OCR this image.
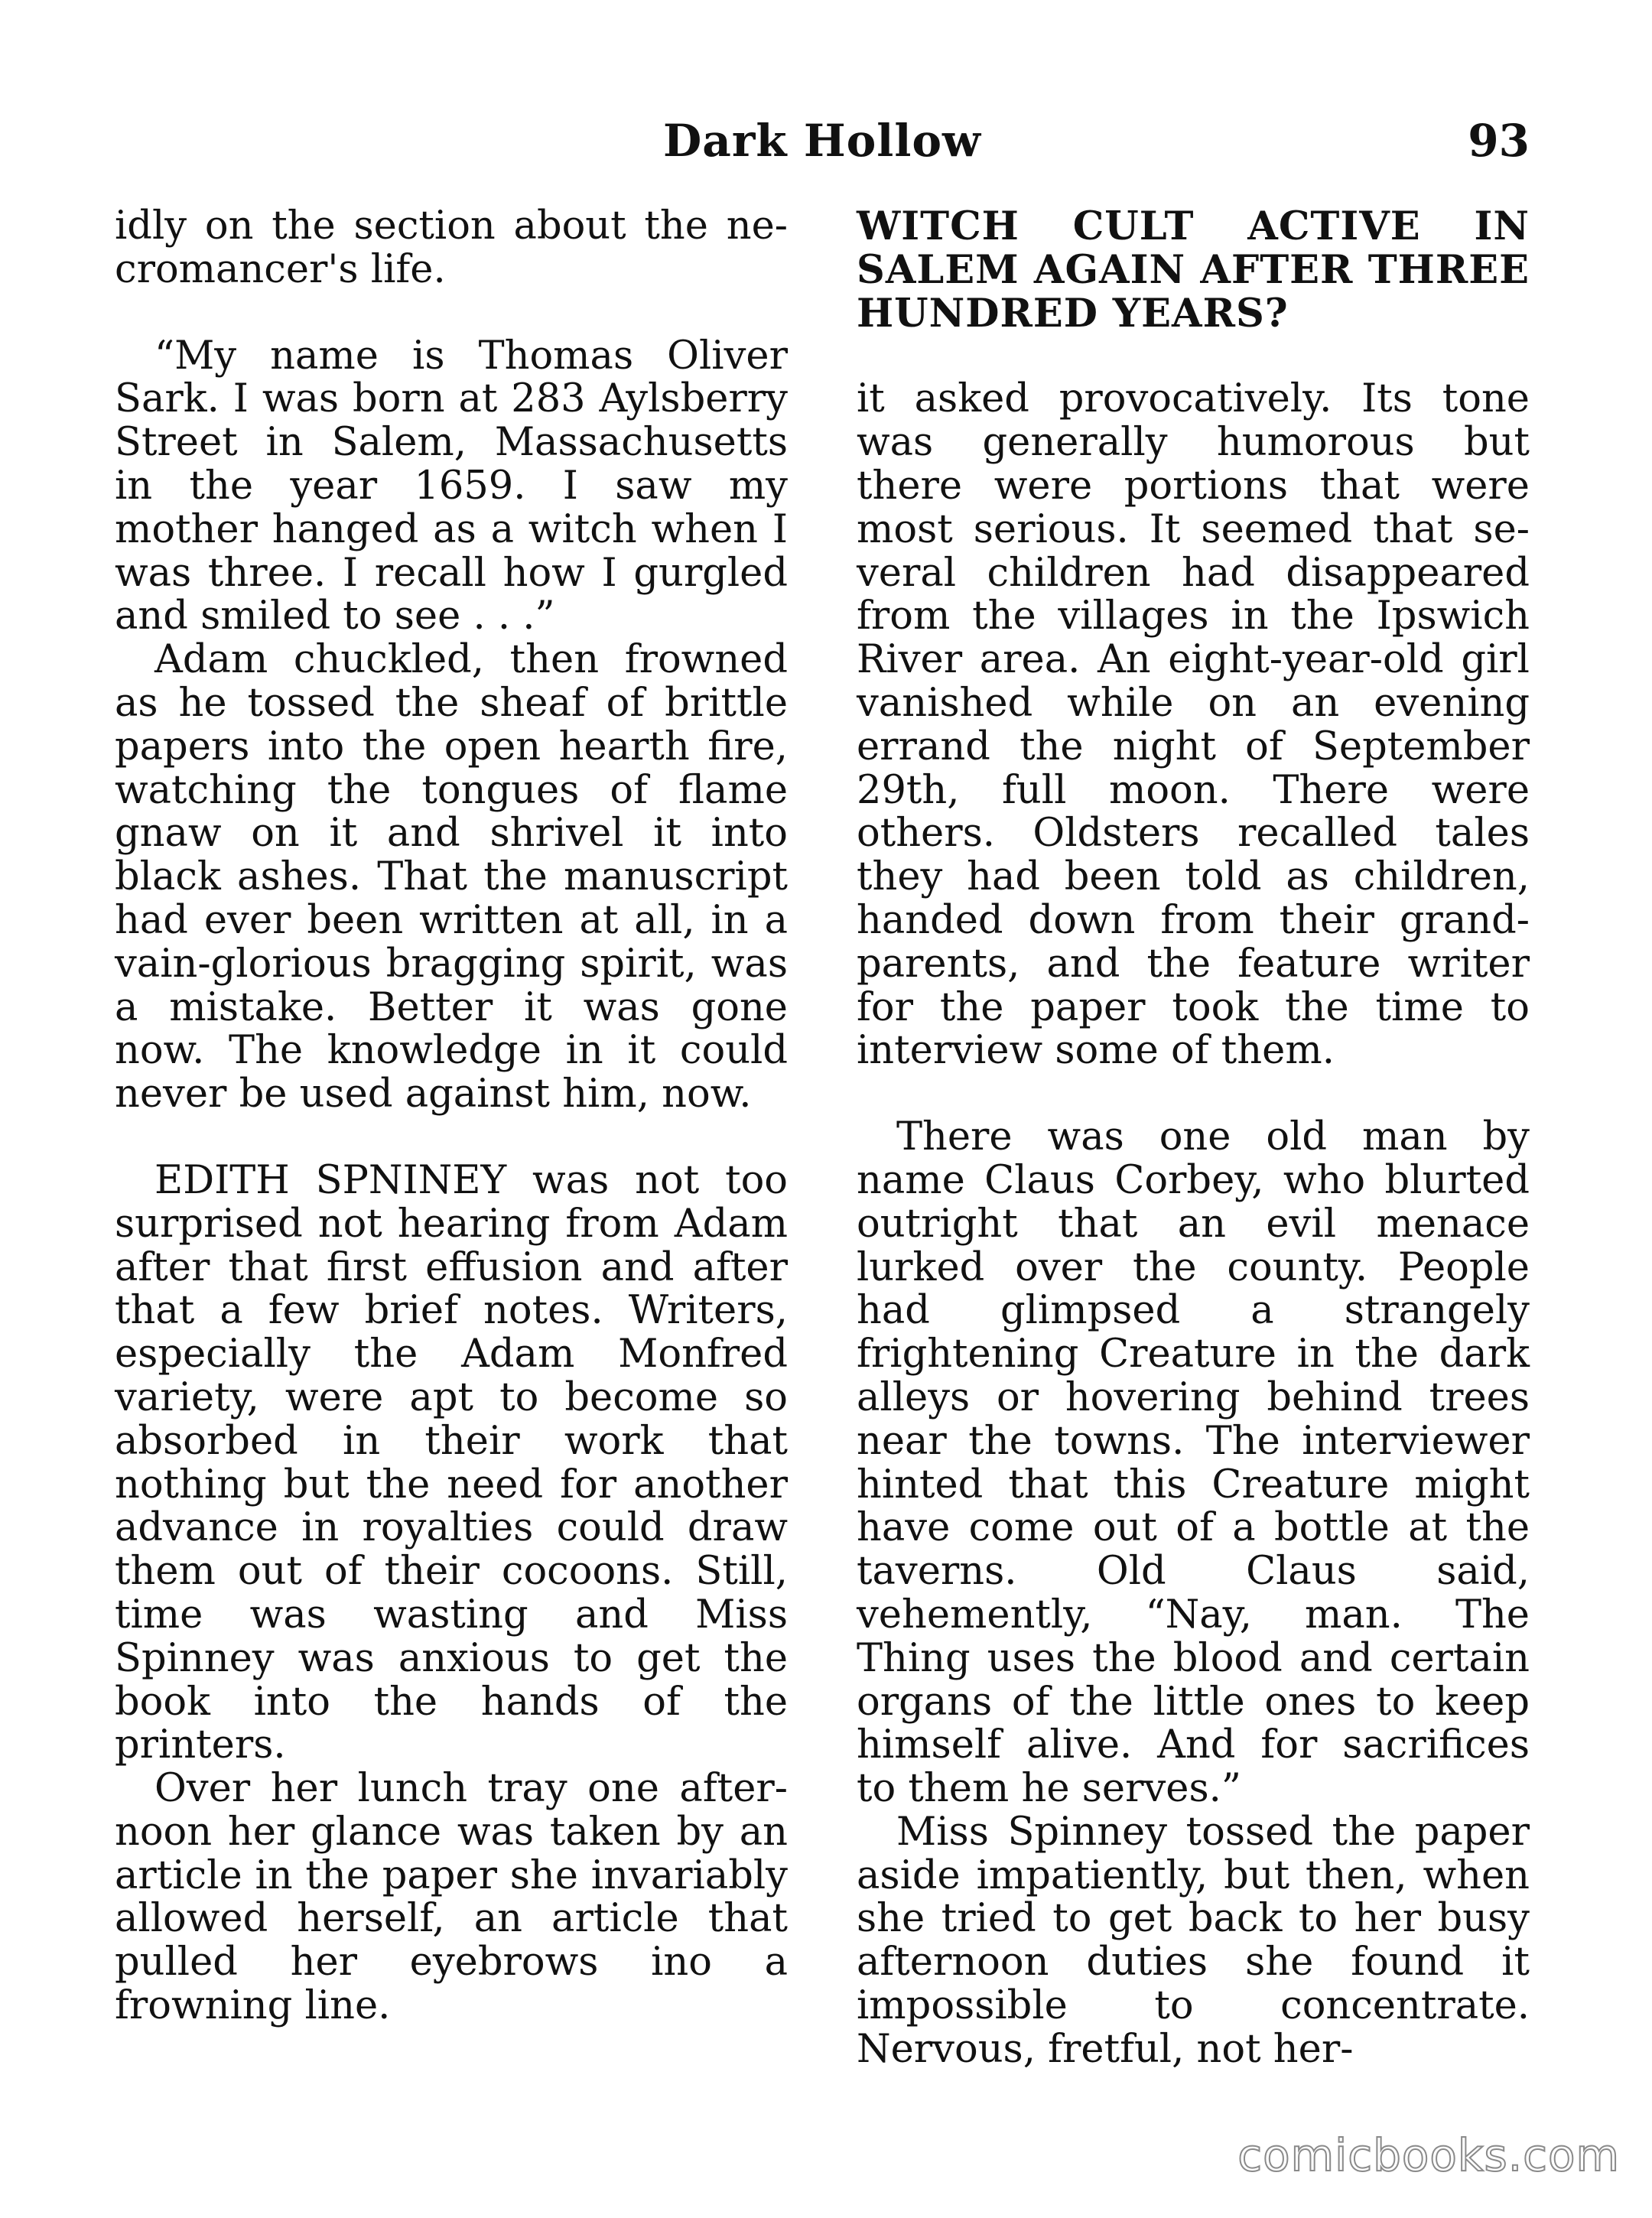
Dark Hollow	93

idly on the section about the necromancer's life.

“My name is Thomas Oliver Sark. I was born at 283 Aylsberry Street in Salem, Massachusetts in the year 1659. I saw my mother hanged as a witch when I was three. I recall how I gurgled and smiled to see . . .”

Adam chuckled, then frowned as he tossed the sheaf of brittle papers into the open hearth fire, watching the tongues of flame gnaw on it and shrivel it into black ashes. That the manuscript had ever been written at all, in a vain-glorious bragging spirit, was a mistake. Better it was gone now. The knowledge in it could never be used against him, now.

EDITH SPNINEY was not too surprised not hearing from Adam after that first effusion and after that a few brief notes. Writers, especially the Adam Monfred variety, were apt to become so absorbed in their work that nothing but the need for another advance in royalties could draw them out of their cocoons. Still, time was wasting and Miss Spinney was anxious to get the book into the hands of the printers.

Over her lunch tray one afternoon her glance was taken by an article in the paper she invariably allowed herself, an article that pulled her eyebrows ino a frowning line.

WITCH CULT ACTIVE IN SALEM AGAIN AFTER THREE HUNDRED YEARS?

it asked provocatively. Its tone was generally humorous but there were portions that were most serious. It seemed that several children had disappeared from the villages in the Ipswich River area. An eight-year-old girl vanished while on an evening errand the night of September 29th, full moon. There were others. Oldsters recalled tales they had been told as children, handed down from their grandparents, and the feature writer for the paper took the time to interview some of them.

There was one old man by name Claus Corbey, who blurted outright that an evil menace lurked over the county. People had glimpsed a strangely frightening Creature in the dark alleys or hovering behind trees near the towns. The interviewer hinted that this Creature might have come out of a bottle at the taverns. Old Claus said, vehemently, “Nay, man. The Thing uses the blood and certain organs of the little ones to keep himself alive. And for sacrifices to them he serves.”

Miss Spinney tossed the paper aside impatiently, but then, when she tried to get back to her busy afternoon duties she found it impossible to concentrate. Nervous, fretful, not her-

comicbooks.com
